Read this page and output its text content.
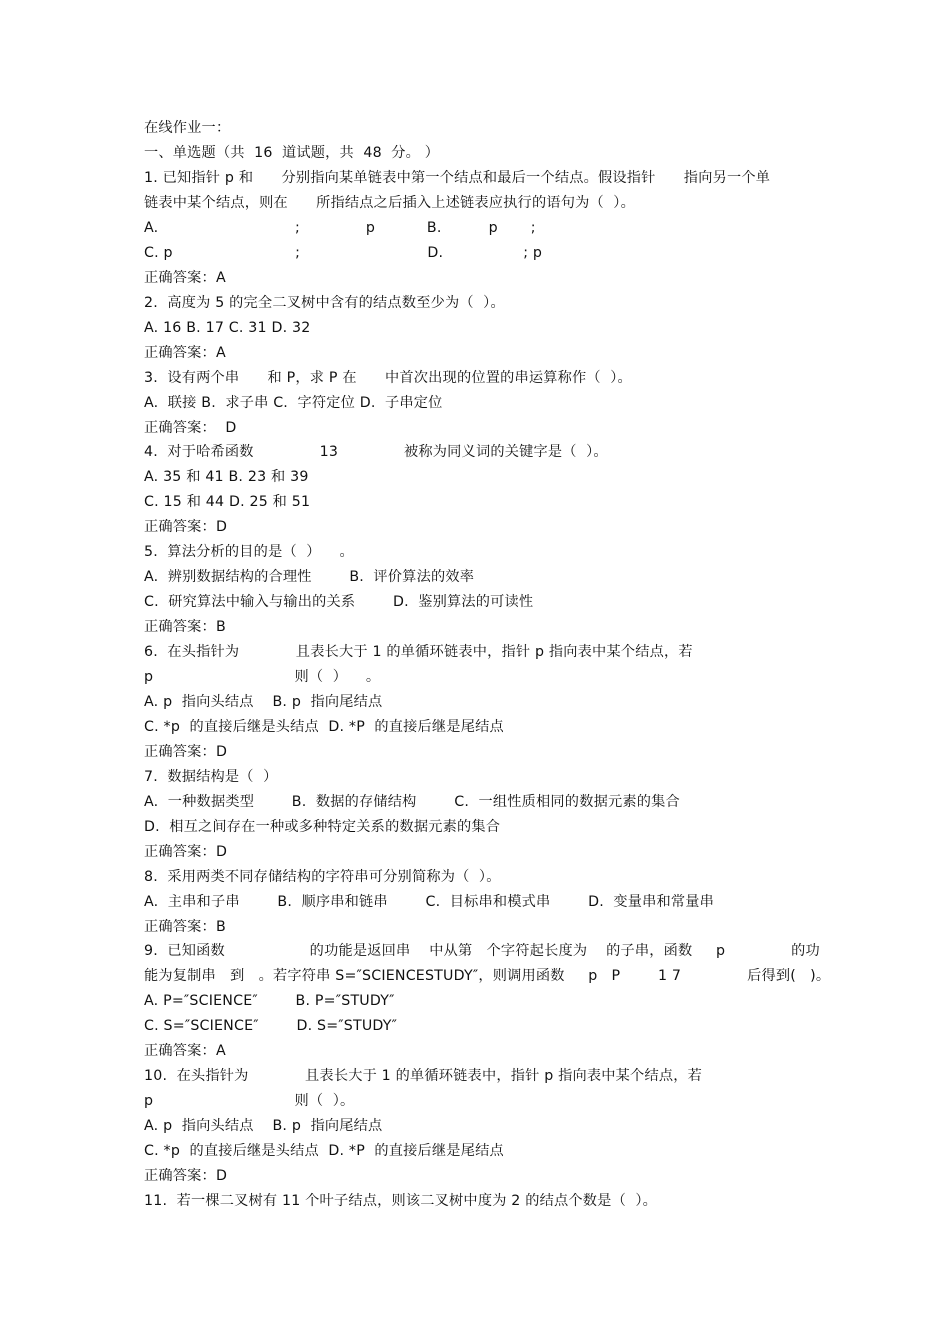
在线作业一：
一、单选题（共  16  道试题，共  48  分。 ）
1. 已知指针 p 和      分别指向某单链表中第一个结点和最后一个结点。假设指针      指向另一个单
链表中某个结点，则在      所指结点之后插入上述链表应执行的语句为（  ）。
A.                             ;              p           B.          p       ;
C. p                          ;                           D.                 ; p
正确答案：A
2.  高度为 5 的完全二叉树中含有的结点数至少为（  ）。
A. 16 B. 17 C. 31 D. 32
正确答案：A
3.  设有两个串      和 P，求 P 在      中首次出现的位置的串运算称作（  ）。
A.  联接 B.  求子串 C.  字符定位 D.  子串定位
正确答案：  D
4.  对于哈希函数              13              被称为同义词的关键字是（  ）。
A. 35 和 41 B. 23 和 39
C. 15 和 44 D. 25 和 51
正确答案：D
5.  算法分析的目的是（  ）    。
A.  辨别数据结构的合理性        B.  评价算法的效率
C.  研究算法中输入与输出的关系        D.  鉴别算法的可读性
正确答案：B
6.  在头指针为            且表长大于 1 的单循环链表中，指针 p 指向表中某个结点，若
p                              则（  ）    。
A. p  指向头结点    B. p  指向尾结点
C. *p  的直接后继是头结点  D. *P  的直接后继是尾结点
正确答案：D
7.  数据结构是（  ）
A.  一种数据类型        B.  数据的存储结构        C.  一组性质相同的数据元素的集合
D.  相互之间存在一种或多种特定关系的数据元素的集合
正确答案：D
8.  采用两类不同存储结构的字符串可分别简称为（  ）。
A.  主串和子串        B.  顺序串和链串        C.  目标串和模式串        D.  变量串和常量串
正确答案：B
9.  已知函数                  的功能是返回串    中从第   个字符起长度为    的子串，函数     p              的功
能为复制串   到   。若字符串 S=″SCIENCESTUDY″，则调用函数     p   P        1 7              后得到(   )。
A. P=″SCIENCE″        B. P=″STUDY″
C. S=″SCIENCE″        D. S=″STUDY″
正确答案：A
10.  在头指针为            且表长大于 1 的单循环链表中，指针 p 指向表中某个结点，若
p                              则（  ）。
A. p  指向头结点    B. p  指向尾结点
C. *p  的直接后继是头结点  D. *P  的直接后继是尾结点
正确答案：D
11.  若一棵二叉树有 11 个叶子结点，则该二叉树中度为 2 的结点个数是（  ）。
